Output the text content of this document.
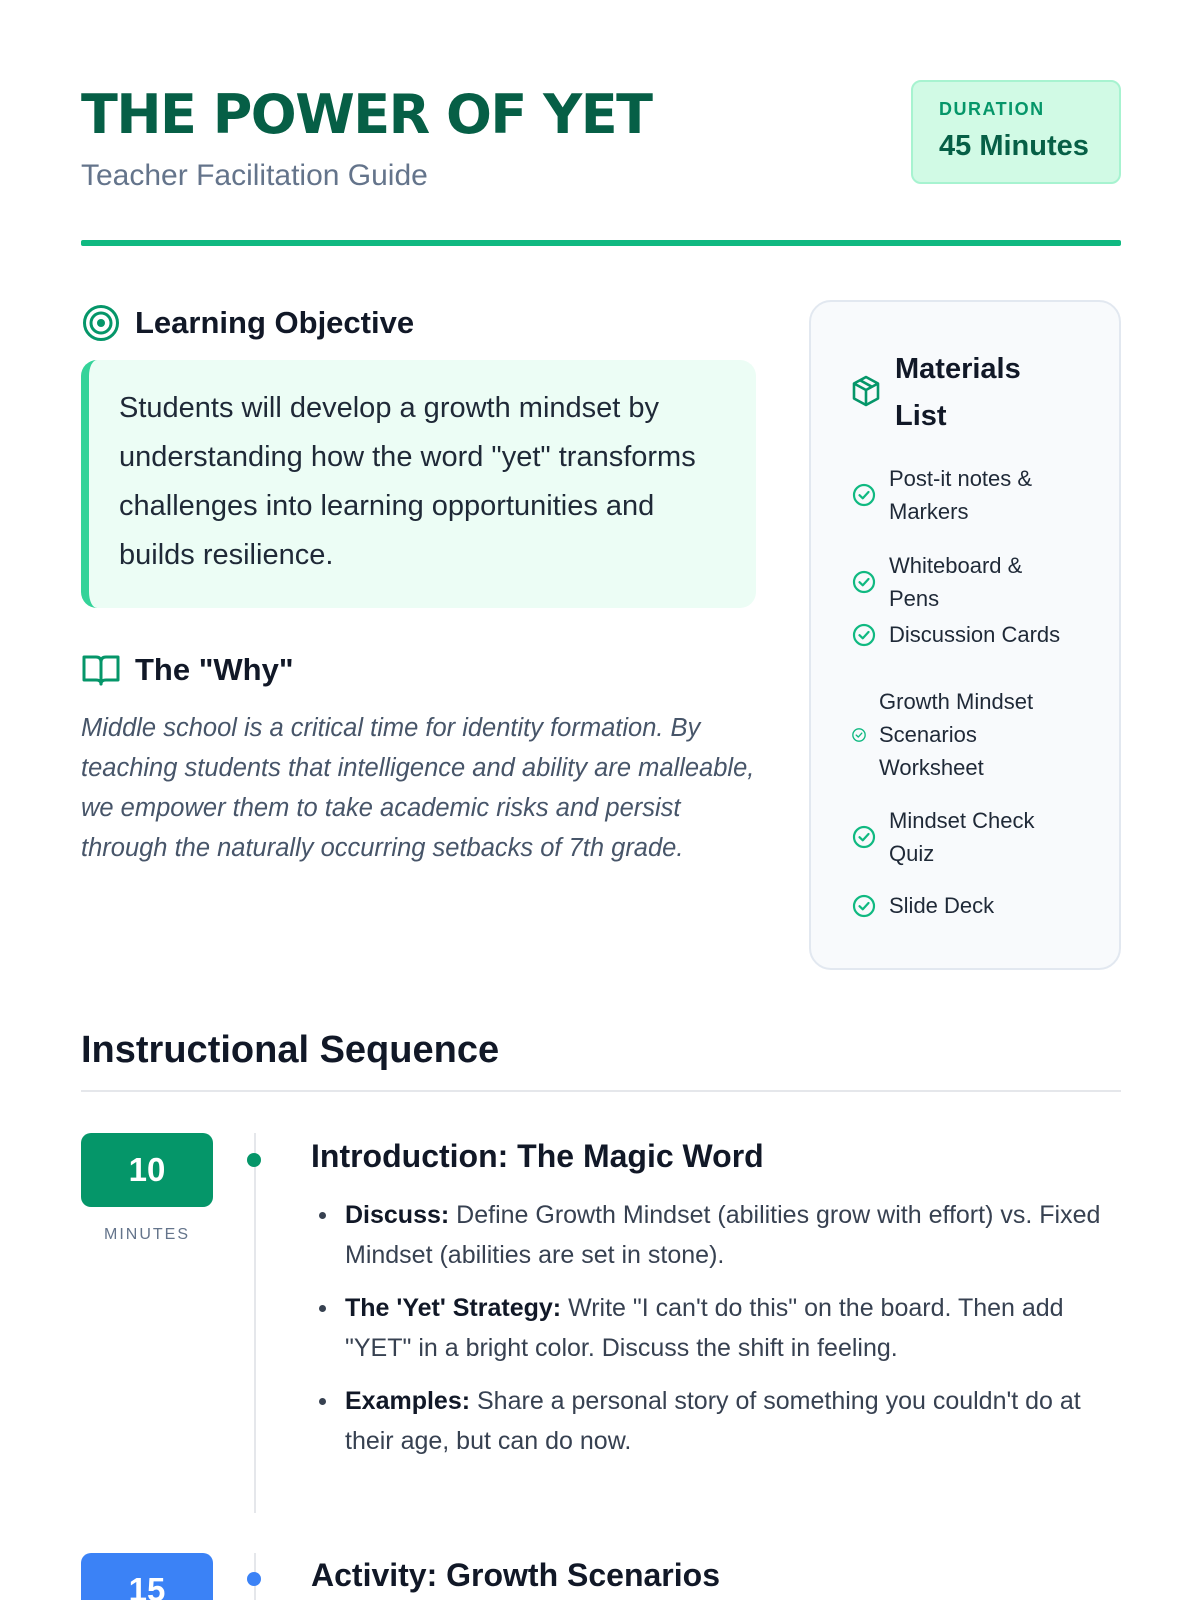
THE POWER OF YET
Teacher Facilitation Guide
DURATION
45 Minutes
Learning Objective

Students will develop a growth mindset by understanding how the word "yet" transforms challenges into learning opportunities and builds resilience.

The "Why"
Middle school is a critical time for identity formation. By teaching students that intelligence and ability are malleable, we empower them to take academic risks and persist through the naturally occurring setbacks of 7th grade.
Materials List
Post-it notes & Markers
Whiteboard & Pens
Discussion Cards
Growth Mindset Scenarios Worksheet
Mindset Check Quiz
Slide Deck
Instructional Sequence
10
MINUTES
Introduction: The Magic Word
Discuss: Define Growth Mindset (abilities grow with effort) vs. Fixed Mindset (abilities are set in stone).
The 'Yet' Strategy: Write "I can't do this" on the board. Then add "YET" in a bright color. Discuss the shift in feeling.
Examples: Share a personal story of something you couldn't do at their age, but can do now.
15	Activity: Growth Scenarios
